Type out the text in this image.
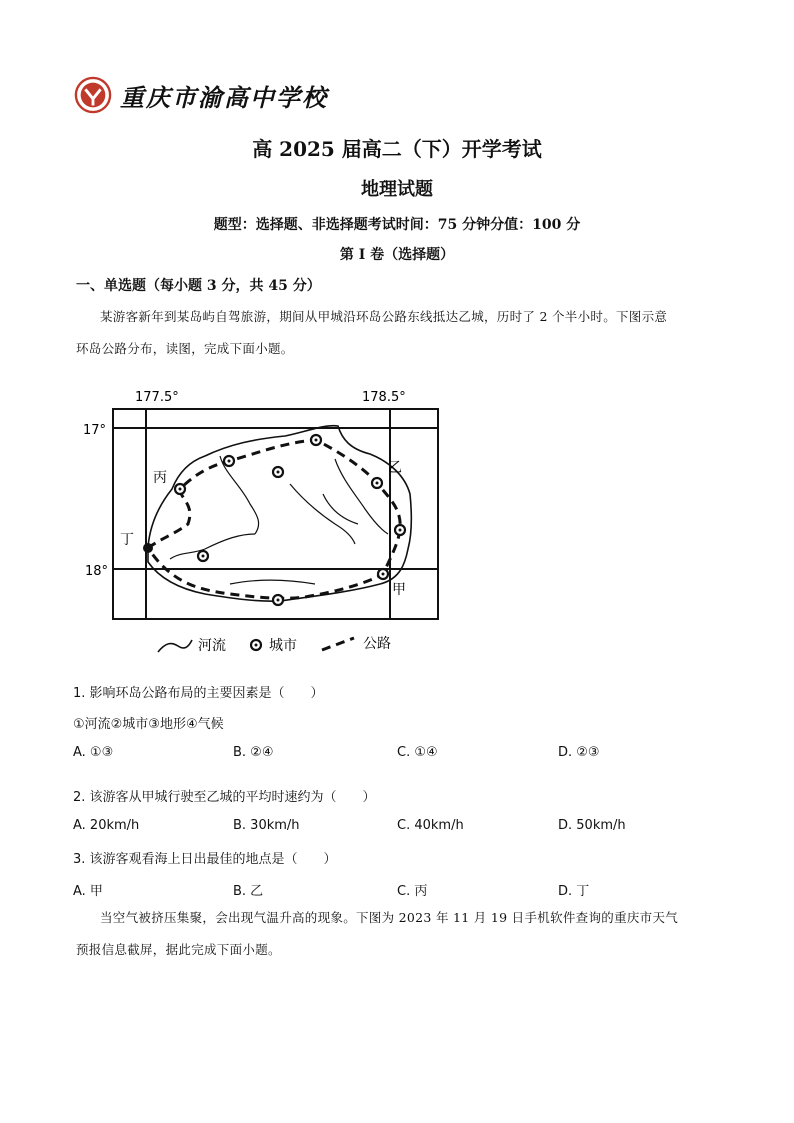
重庆市渝高中学校
高 2025 届高二（下）开学考试
地理试题
题型：选择题、非选择题考试时间：75 分钟分值：100 分
第 I 卷（选择题）
一、单选题（每小题 3 分，共 45 分）
某游客新年到某岛屿自驾旅游，期间从甲城沿环岛公路东线抵达乙城，历时了 2 个半小时。下图示意
环岛公路分布，读图，完成下面小题。
177.5°	178.5°
17°
18°
乙
丙
丁
甲
河流	城市	公路
1. 影响环岛公路布局的主要因素是（　　）
①河流②城市③地形④气候
A. ①③	B. ②④	C. ①④	D. ②③
2. 该游客从甲城行驶至乙城的平均时速约为（　　）
A. 20km/h	B. 30km/h	C. 40km/h	D. 50km/h
3. 该游客观看海上日出最佳的地点是（　　）
A. 甲	B. 乙	C. 丙	D. 丁
当空气被挤压集聚，会出现气温升高的现象。下图为 2023 年 11 月 19 日手机软件查询的重庆市天气
预报信息截屏，据此完成下面小题。
